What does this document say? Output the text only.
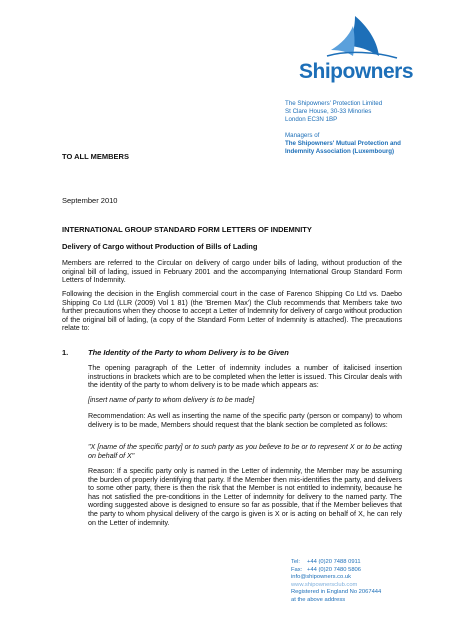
Shipowners
The Shipowners' Protection Limited
St Clare House, 30-33 Minories
London EC3N 1BP
Managers of
The Shipowners' Mutual Protection and
Indemnity Association (Luxembourg)
TO ALL MEMBERS
September 2010
INTERNATIONAL GROUP STANDARD FORM LETTERS OF INDEMNITY
Delivery of Cargo without Production of Bills of Lading
Members are referred to the Circular on delivery of cargo under bills of lading, without production of the original bill of lading, issued in February 2001 and the accompanying International Group Standard Form Letters of Indemnity.
Following the decision in the English commercial court in the case of Farenco Shipping Co Ltd vs. Daebo Shipping Co Ltd (LLR (2009) Vol 1 81) (the 'Bremen Max') the Club recommends that Members take two further precautions when they choose to accept a Letter of Indemnity for delivery of cargo without production of the original bill of lading, (a copy of the Standard Form Letter of Indemnity is attached). The precautions relate to:
1.	The Identity of the Party to whom Delivery is to be Given
The opening paragraph of the Letter of indemnity includes a number of italicised insertion instructions in brackets which are to be completed when the letter is issued. This Circular deals with the identity of the party to whom delivery is to be made which appears as:
[insert name of party to whom delivery is to be made]
Recommendation: As well as inserting the name of the specific party (person or company) to whom delivery is to be made, Members should request that the blank section be completed as follows:
"X [name of the specific party] or to such party as you believe to be or to represent X or to be acting on behalf of X"
Reason: If a specific party only is named in the Letter of indemnity, the Member may be assuming the burden of properly identifying that party. If the Member then mis-identifies the party, and delivers to some other party, there is then the risk that the Member is not entitled to indemnity, because he has not satisfied the pre-conditions in the Letter of indemnity for delivery to the named party. The wording suggested above is designed to ensure so far as possible, that if the Member believes that the party to whom physical delivery of the cargo is given is X or is acting on behalf of X, he can rely on the Letter of indemnity.
Tel: +44 (0)20 7488 0911
Fax: +44 (0)20 7480 5806
info@shipowners.co.uk
www.shipownersclub.com
Registered in England No 2067444
at the above address
